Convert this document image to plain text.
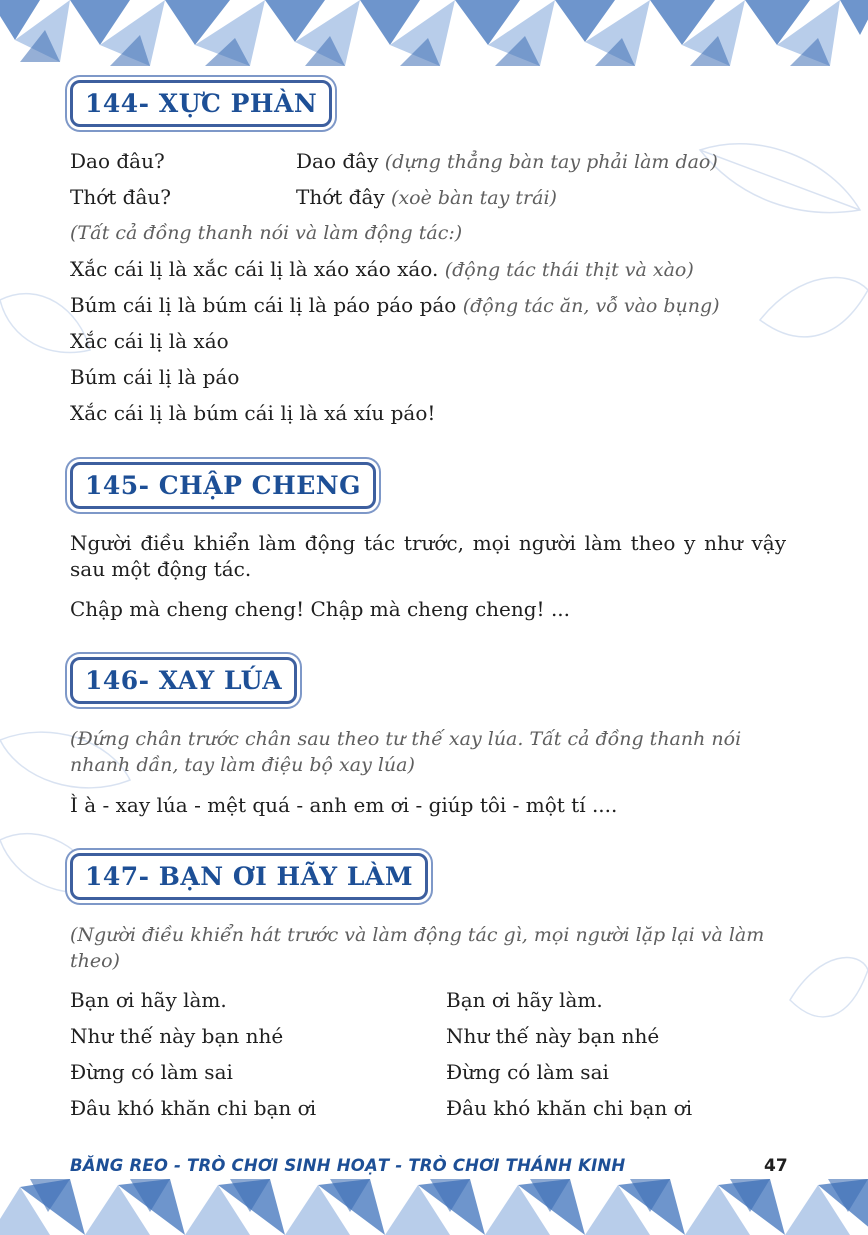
144- XỰC PHÀN
Dao đâu?	Dao đây (dựng thẳng bàn tay phải làm dao)
Thớt đâu?	Thớt đây (xoè bàn tay trái)
(Tất cả đồng thanh nói và làm động tác:)
Xắc cái lị là xắc cái lị là xáo xáo xáo. (động tác thái thịt và xào)
Búm cái lị là búm cái lị là páo páo páo (động tác ăn, vỗ vào bụng)
Xắc cái lị là xáo
Búm cái lị là páo
Xắc cái lị là búm cái lị là xá xíu páo!
145- CHẬP CHENG
Người điều khiển làm động tác trước, mọi người làm theo y như vậy sau một động tác.
Chập mà cheng cheng! Chập mà cheng cheng! ...
146- XAY LÚA
(Đứng chân trước chân sau theo tư thế xay lúa. Tất cả đồng thanh nói nhanh dần, tay làm điệu bộ xay lúa)
Ì à - xay lúa - mệt quá - anh em ơi - giúp tôi - một tí ....
147- BẠN ƠI HÃY LÀM
(Người điều khiển hát trước và làm động tác gì, mọi người lặp lại và làm theo)
Bạn ơi hãy làm.	Bạn ơi hãy làm.
Như thế này bạn nhé	Như thế này bạn nhé
Đừng có làm sai	Đừng có làm sai
Đâu khó khăn chi bạn ơi	Đâu khó khăn chi bạn ơi
BĂNG REO - TRÒ CHƠI SINH HOẠT - TRÒ CHƠI THÁNH KINH	47
